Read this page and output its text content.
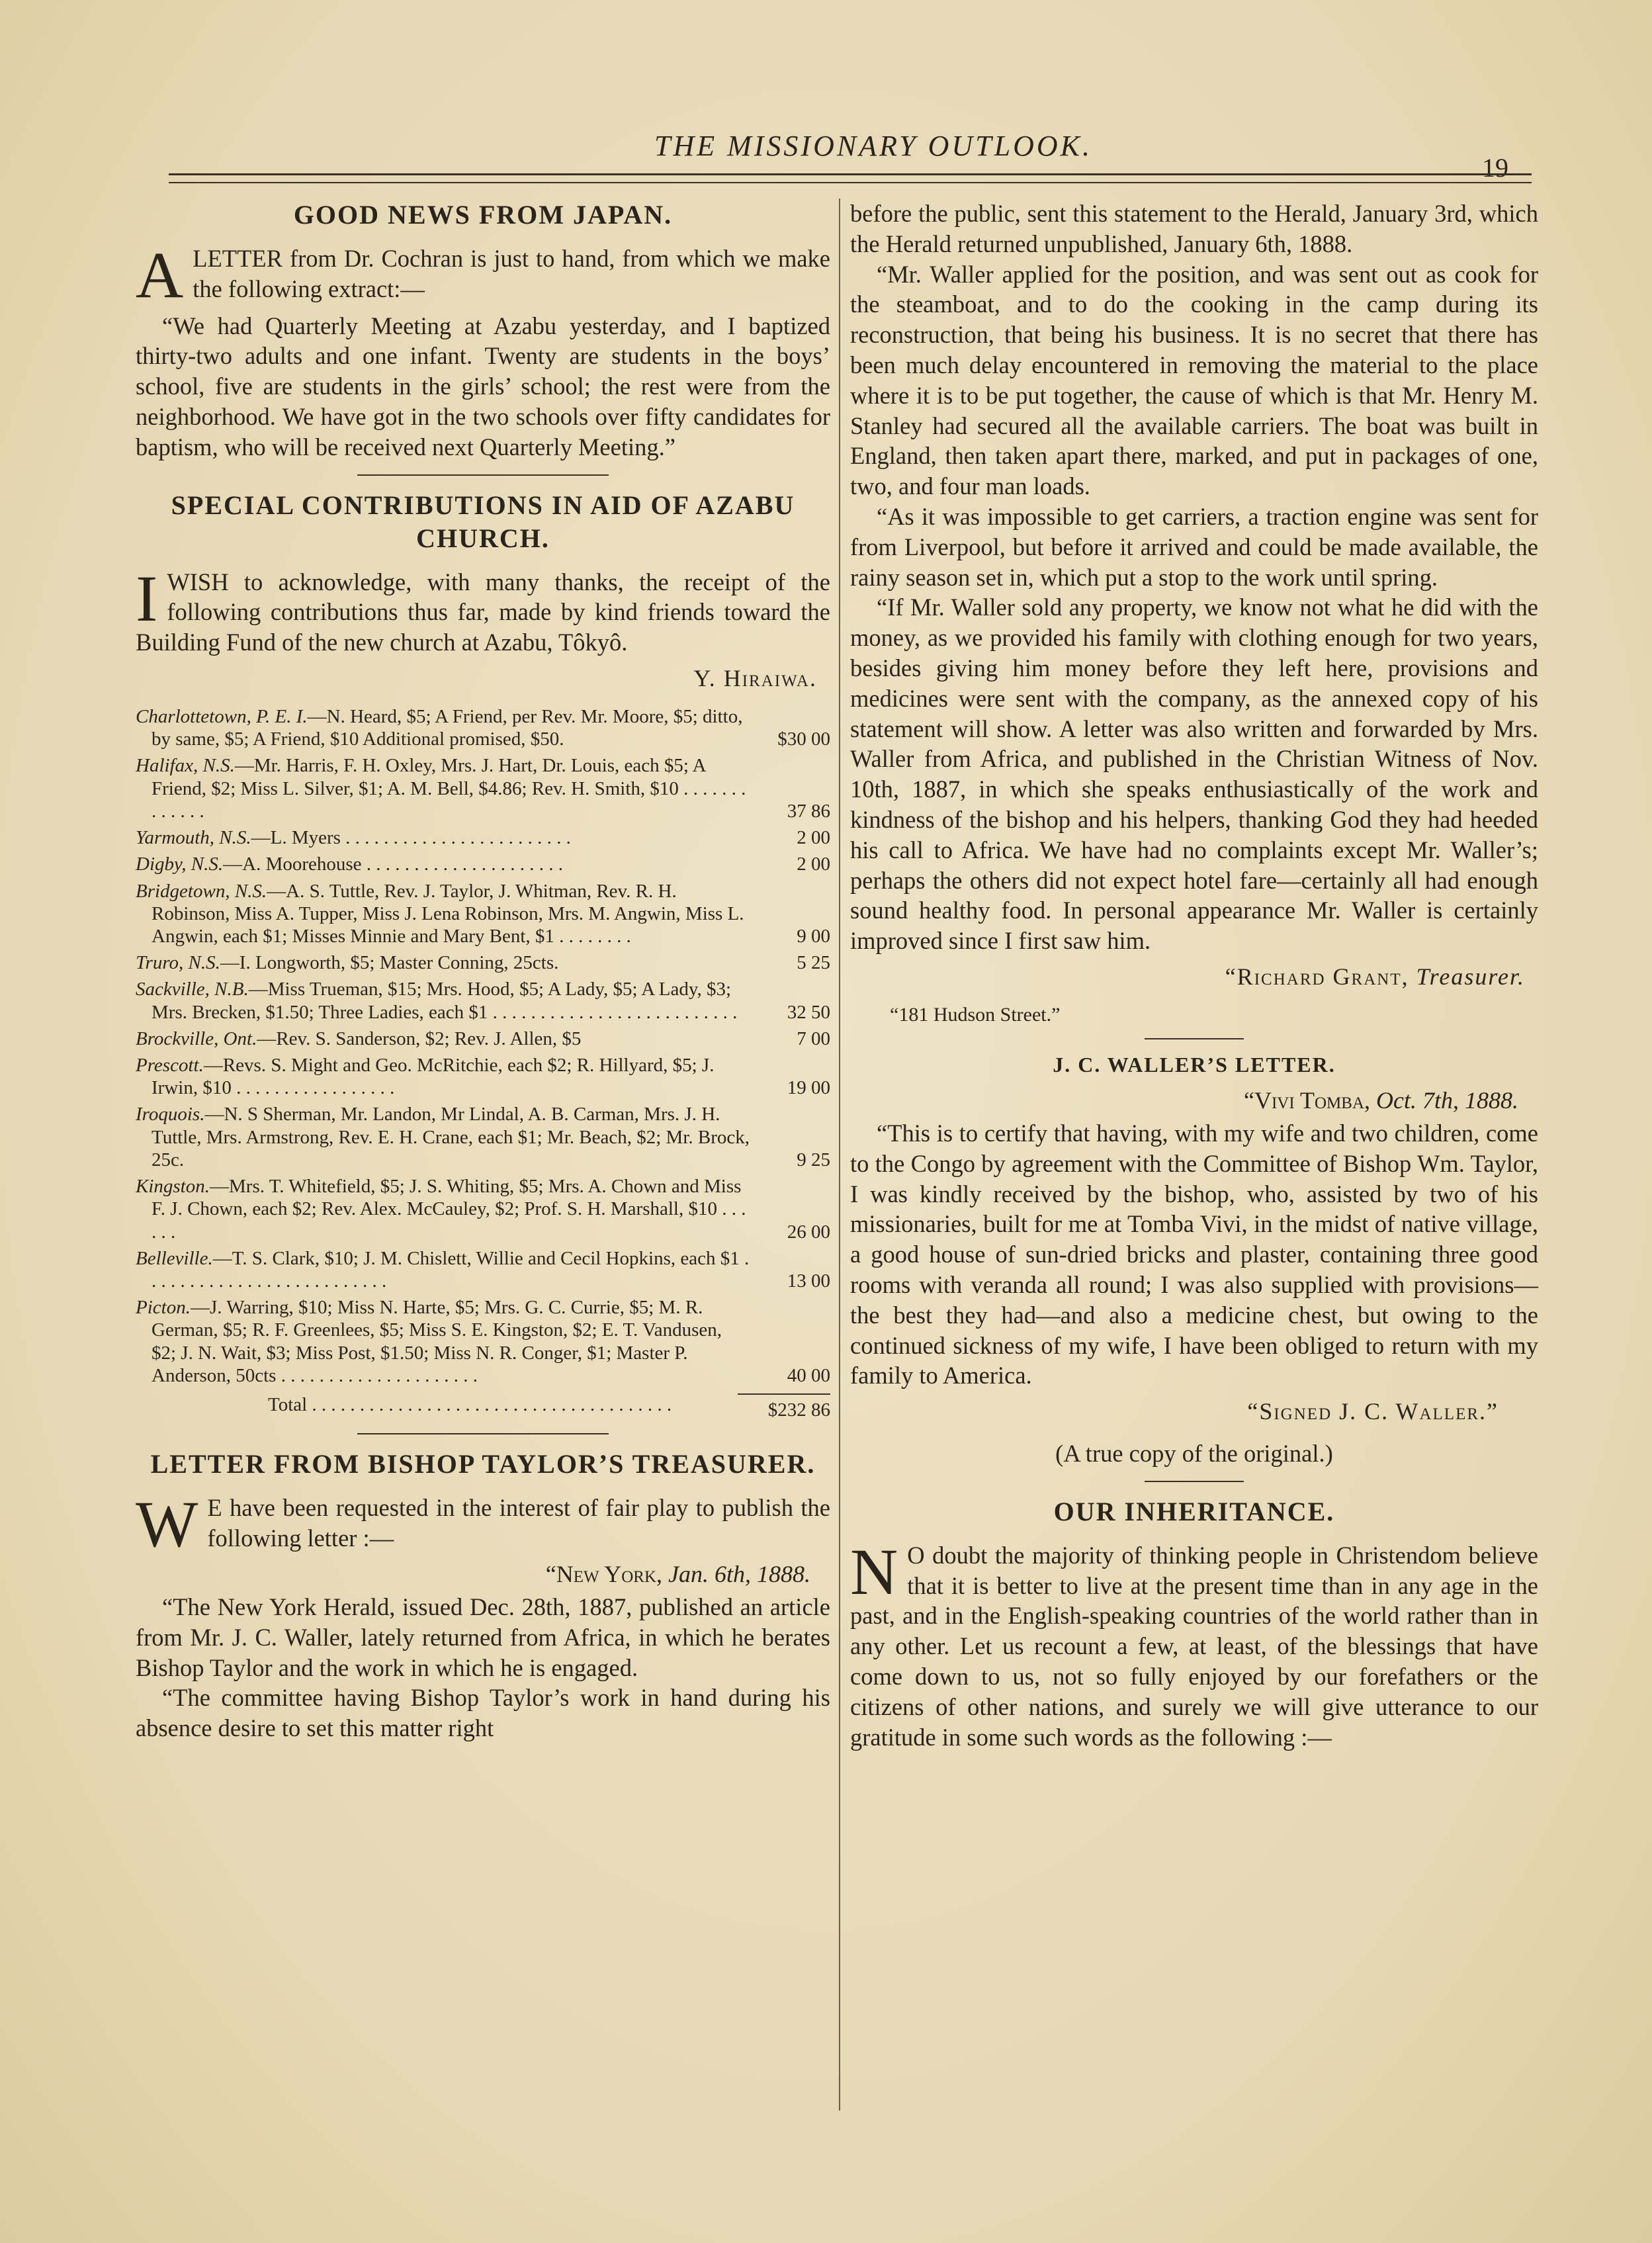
THE MISSIONARY OUTLOOK.
19
GOOD NEWS FROM JAPAN.
A LETTER from Dr. Cochran is just to hand, from which we make the following extract:—

“We had Quarterly Meeting at Azabu yesterday, and I baptized thirty-two adults and one infant. Twenty are students in the boys’ school, five are students in the girls’ school; the rest were from the neighborhood. We have got in the two schools over fifty candidates for baptism, who will be received next Quarterly Meeting.”

SPECIAL CONTRIBUTIONS IN AID OF AZABU CHURCH.
I WISH to acknowledge, with many thanks, the receipt of the following contributions thus far, made by kind friends toward the Building Fund of the new church at Azabu, Tôkyô.
Y. Hiraiwa.
Charlottetown, P. E. I.—N. Heard, $5; A Friend, per Rev. Mr. Moore, $5; ditto, by same, $5; A Friend, $10 Additional promised, $50.	$30 00
Halifax, N.S.—Mr. Harris, F. H. Oxley, Mrs. J. Hart, Dr. Louis, each $5; A Friend, $2; Miss L. Silver, $1; A. M. Bell, $4.86; Rev. H. Smith, $10 . . . . . . . . . . . . .	37 86
Yarmouth, N.S.—L. Myers . . . . . . . . . . . . . . . . . . . . . . . .	2 00
Digby, N.S.—A. Moorehouse . . . . . . . . . . . . . . . . . . . . .	2 00
Bridgetown, N.S.—A. S. Tuttle, Rev. J. Taylor, J. Whitman, Rev. R. H. Robinson, Miss A. Tupper, Miss J. Lena Robinson, Mrs. M. Angwin, Miss L. Angwin, each $1; Misses Minnie and Mary Bent, $1 . . . . . . . .	9 00
Truro, N.S.—I. Longworth, $5; Master Conning, 25cts.	5 25
Sackville, N.B.—Miss Trueman, $15; Mrs. Hood, $5; A Lady, $5; A Lady, $3; Mrs. Brecken, $1.50; Three Ladies, each $1 . . . . . . . . . . . . . . . . . . . . . . . . . .	32 50
Brockville, Ont.—Rev. S. Sanderson, $2; Rev. J. Allen, $5	7 00
Prescott.—Revs. S. Might and Geo. McRitchie, each $2; R. Hillyard, $5; J. Irwin, $10 . . . . . . . . . . . . . . . . .	19 00
Iroquois.—N. S Sherman, Mr. Landon, Mr Lindal, A. B. Carman, Mrs. J. H. Tuttle, Mrs. Armstrong, Rev. E. H. Crane, each $1; Mr. Beach, $2; Mr. Brock, 25c.	9 25
Kingston.—Mrs. T. Whitefield, $5; J. S. Whiting, $5; Mrs. A. Chown and Miss F. J. Chown, each $2; Rev. Alex. McCauley, $2; Prof. S. H. Marshall, $10 . . . . . .	26 00
Belleville.—T. S. Clark, $10; J. M. Chislett, Willie and Cecil Hopkins, each $1 . . . . . . . . . . . . . . . . . . . . . . . . . .	13 00
Picton.—J. Warring, $10; Miss N. Harte, $5; Mrs. G. C. Currie, $5; M. R. German, $5; R. F. Greenlees, $5; Miss S. E. Kingston, $2; E. T. Vandusen, $2; J. N. Wait, $3; Miss Post, $1.50; Miss N. R. Conger, $1; Master P. Anderson, 50cts . . . . . . . . . . . . . . . . . . . . .	40 00
Total . . . . . . . . . . . . . . . . . . . . . . . . . . . . . . . . . . . . . .	$232 86
LETTER FROM BISHOP TAYLOR’S TREASURER.
W E have been requested in the interest of fair play to publish the following letter :—
“New York, Jan. 6th, 1888.

“The New York Herald, issued Dec. 28th, 1887, published an article from Mr. J. C. Waller, lately returned from Africa, in which he berates Bishop Taylor and the work in which he is engaged.

“The committee having Bishop Taylor’s work in hand during his absence desire to set this matter right

before the public, sent this statement to the Herald, January 3rd, which the Herald returned unpublished, January 6th, 1888.

“Mr. Waller applied for the position, and was sent out as cook for the steamboat, and to do the cooking in the camp during its reconstruction, that being his business. It is no secret that there has been much delay encountered in removing the material to the place where it is to be put together, the cause of which is that Mr. Henry M. Stanley had secured all the available carriers. The boat was built in England, then taken apart there, marked, and put in packages of one, two, and four man loads.

“As it was impossible to get carriers, a traction engine was sent for from Liverpool, but before it arrived and could be made available, the rainy season set in, which put a stop to the work until spring.

“If Mr. Waller sold any property, we know not what he did with the money, as we provided his family with clothing enough for two years, besides giving him money before they left here, provisions and medicines were sent with the company, as the annexed copy of his statement will show. A letter was also written and forwarded by Mrs. Waller from Africa, and published in the Christian Witness of Nov. 10th, 1887, in which she speaks enthusiastically of the work and kindness of the bishop and his helpers, thanking God they had heeded his call to Africa. We have had no complaints except Mr. Waller’s; perhaps the others did not expect hotel fare—certainly all had enough sound healthy food. In personal appearance Mr. Waller is certainly improved since I first saw him.

“Richard Grant, Treasurer.
“181 Hudson Street.”
J. C. WALLER’S LETTER.
“Vivi Tomba, Oct. 7th, 1888.

“This is to certify that having, with my wife and two children, come to the Congo by agreement with the Committee of Bishop Wm. Taylor, I was kindly received by the bishop, who, assisted by two of his missionaries, built for me at Tomba Vivi, in the midst of native village, a good house of sun-dried bricks and plaster, containing three good rooms with veranda all round; I was also supplied with provisions—the best they had—and also a medicine chest, but owing to the continued sickness of my wife, I have been obliged to return with my family to America.

“Signed J. C. Waller.”
(A true copy of the original.)
OUR INHERITANCE.
N O doubt the majority of thinking people in Christendom believe that it is better to live at the present time than in any age in the past, and in the English-speaking countries of the world rather than in any other. Let us recount a few, at least, of the blessings that have come down to us, not so fully enjoyed by our forefathers or the citizens of other nations, and surely we will give utterance to our gratitude in some such words as the following :—
